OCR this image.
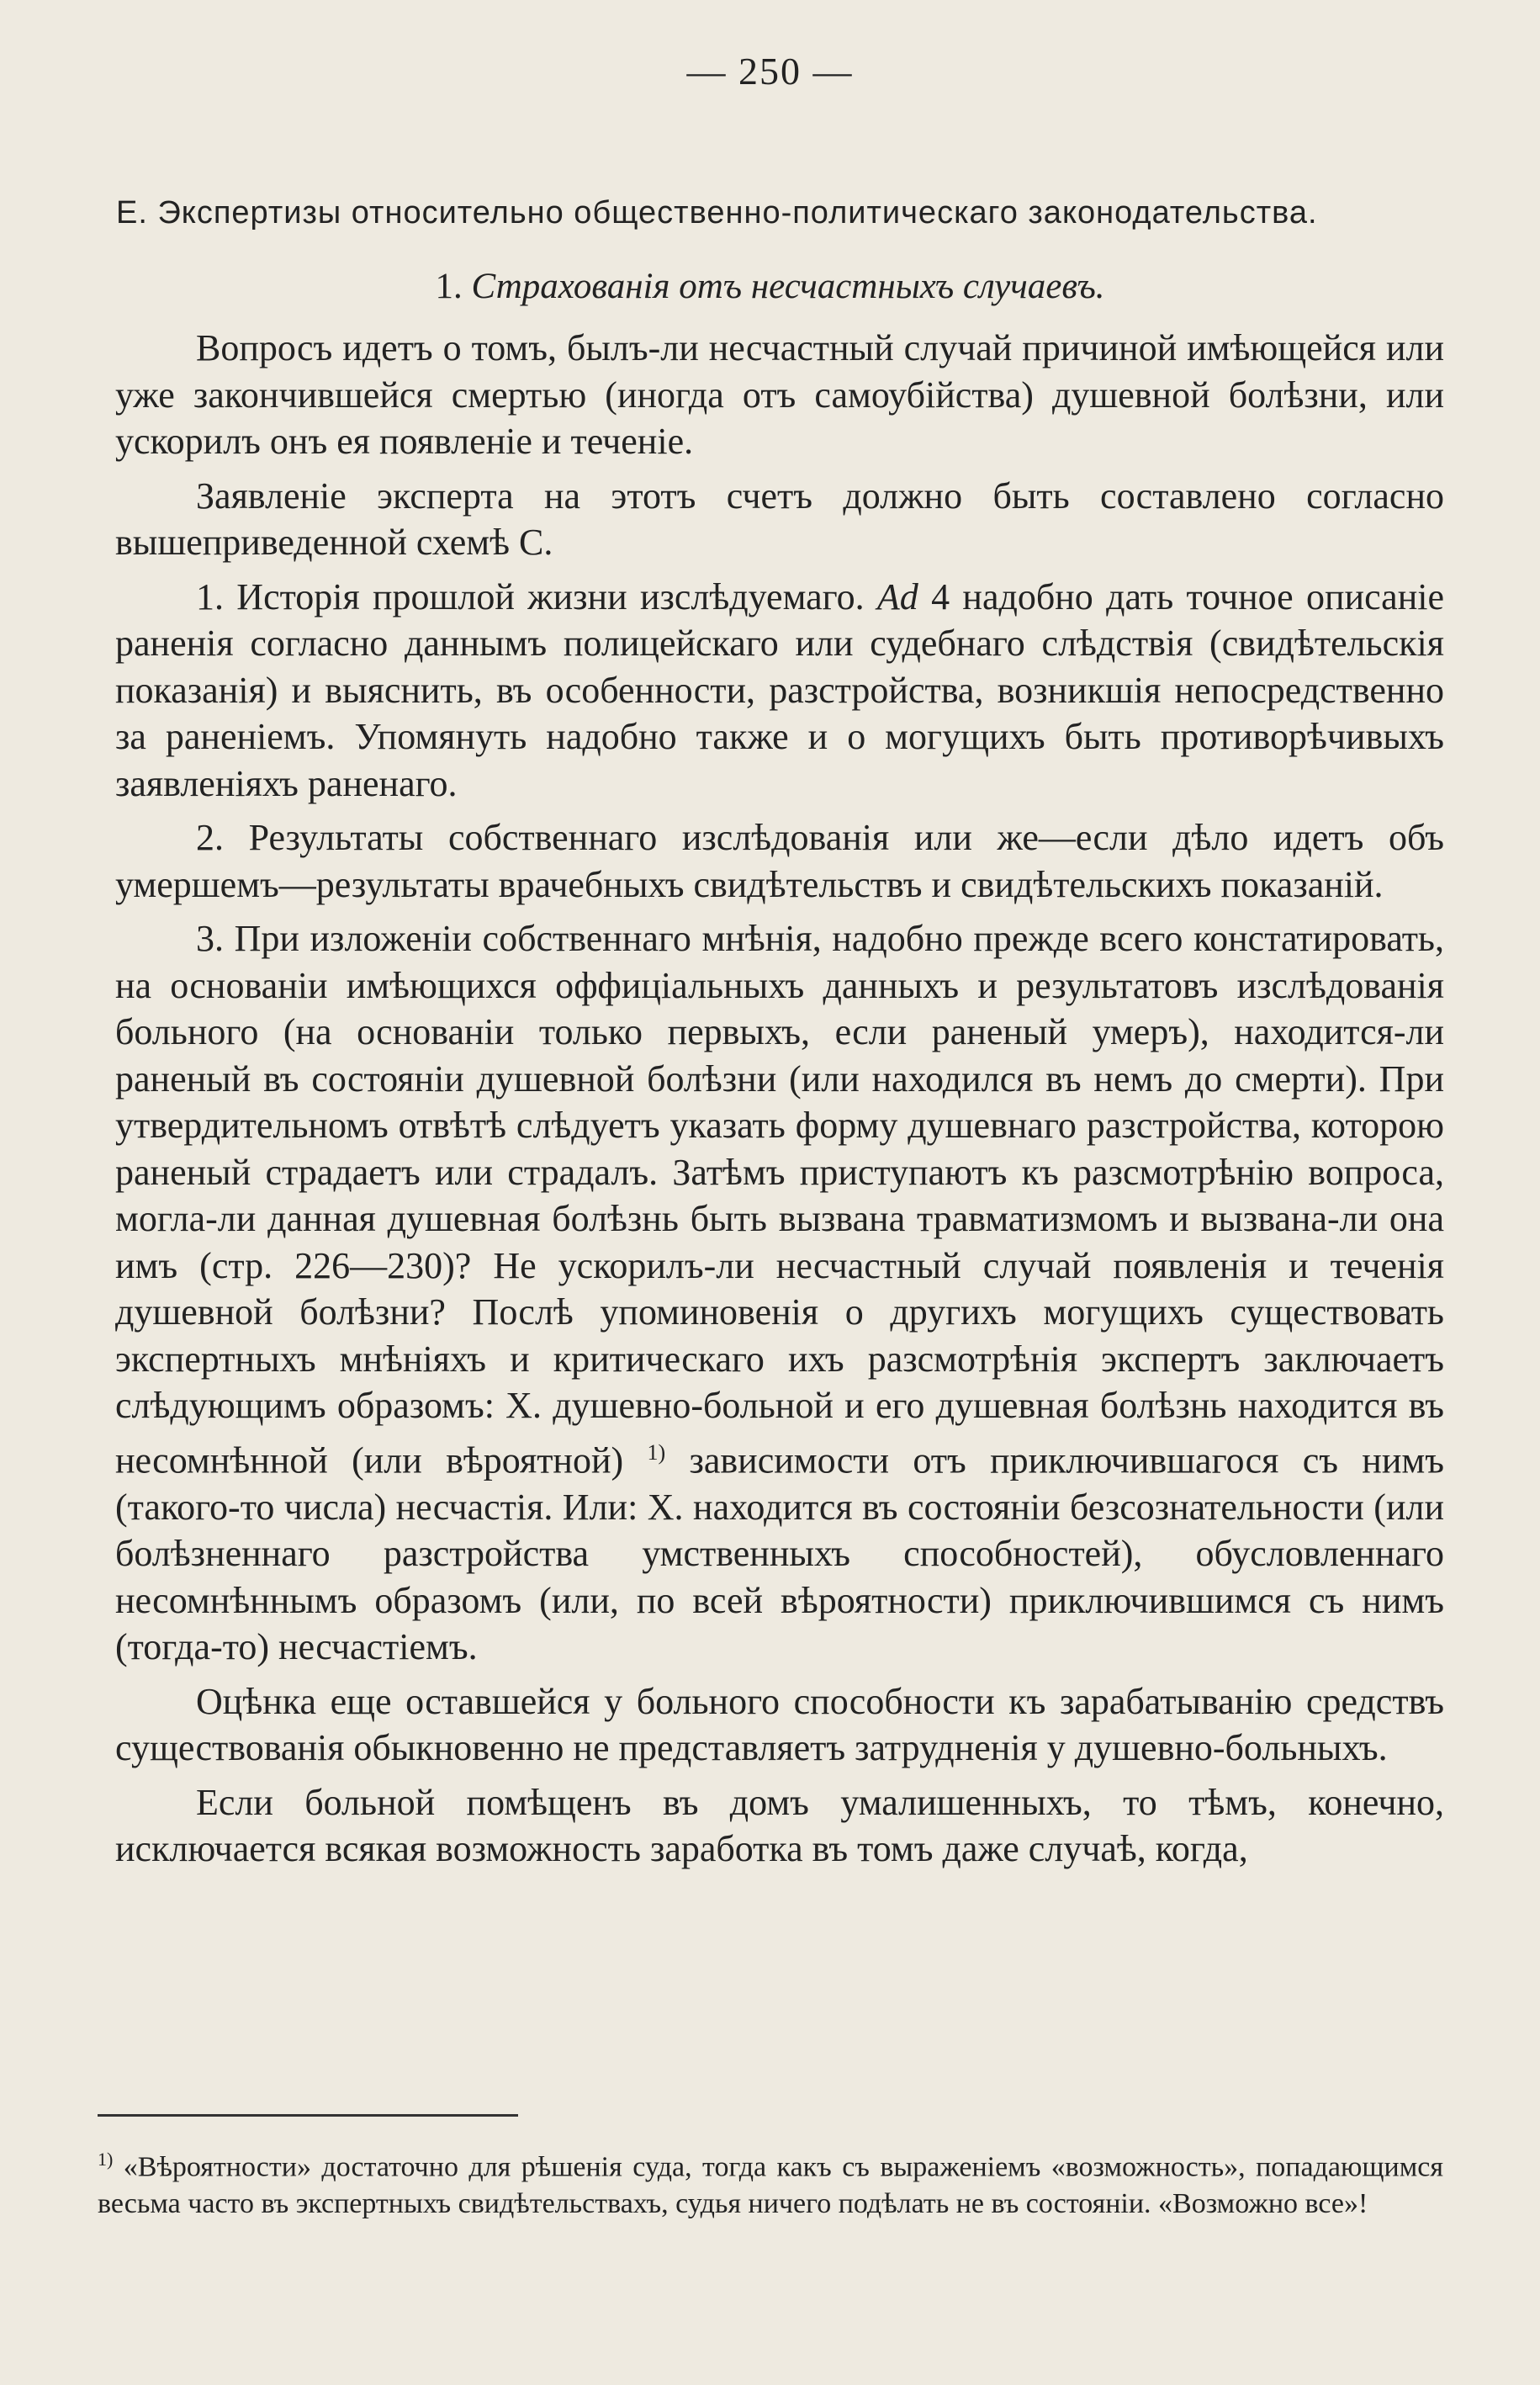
— 250 —
Е. Экспертизы относительно общественно-политическаго законодательства.
1. Страхованія отъ несчастныхъ случаевъ.

Вопросъ идетъ о томъ, былъ-ли несчастный случай причиной имѣющейся или уже закончившейся смертью (иногда отъ самоубійства) душевной болѣзни, или ускорилъ онъ ея появленіе и теченіе.

Заявленіе эксперта на этотъ счетъ должно быть составлено согласно вышеприведенной схемѣ С.

1. Исторія прошлой жизни изслѣдуемаго. Ad 4 надобно дать точное описаніе раненія согласно даннымъ полицейскаго или судебнаго слѣдствія (свидѣтельскія показанія) и выяснить, въ особенности, разстройства, возникшія непосредственно за раненіемъ. Упомянуть надобно также и о могущихъ быть противорѣчивыхъ заявленіяхъ раненаго.

2. Результаты собственнаго изслѣдованія или же—если дѣло идетъ объ умершемъ—результаты врачебныхъ свидѣтельствъ и свидѣтельскихъ показаній.

3. При изложеніи собственнаго мнѣнія, надобно прежде всего констатировать, на основаніи имѣющихся оффиціальныхъ данныхъ и результатовъ изслѣдованія больного (на основаніи только первыхъ, если раненый умеръ), находится-ли раненый въ состояніи душевной болѣзни (или находился въ немъ до смерти). При утвердительномъ отвѣтѣ слѣдуетъ указать форму душевнаго разстройства, которою раненый страдаетъ или страдалъ. Затѣмъ приступаютъ къ разсмотрѣнію вопроса, могла-ли данная душевная болѣзнь быть вызвана травматизмомъ и вызвана-ли она имъ (стр. 226—230)? Не ускорилъ-ли несчастный случай появленія и теченія душевной болѣзни? Послѣ упоминовенія о другихъ могущихъ существовать экспертныхъ мнѣніяхъ и критическаго ихъ разсмотрѣнія экспертъ заключаетъ слѣдующимъ образомъ: X. душевно-больной и его душевная болѣзнь находится въ несомнѣнной (или вѣроятной) $^{1)}$ зависимости отъ приключившагося съ нимъ (такого-то числа) несчастія. Или: X. находится въ состояніи безсознательности (или болѣзненнаго разстройства умственныхъ способностей), обусловленнаго несомнѣннымъ образомъ (или, по всей вѣроятности) приключившимся съ нимъ (тогда-то) несчастіемъ.

Оцѣнка еще оставшейся у больного способности къ зарабатыванію средствъ существованія обыкновенно не представляетъ затрудненія у душевно-больныхъ.

Если больной помѣщенъ въ домъ умалишенныхъ, то тѣмъ, конечно, исключается всякая возможность заработка въ томъ даже случаѣ, когда,

$^{1)}$ «Вѣроятности» достаточно для рѣшенія суда, тогда какъ съ выраженіемъ «возможность», попадающимся весьма часто въ экспертныхъ свидѣтельствахъ, судья ничего подѣлать не въ состояніи. «Возможно все»!
